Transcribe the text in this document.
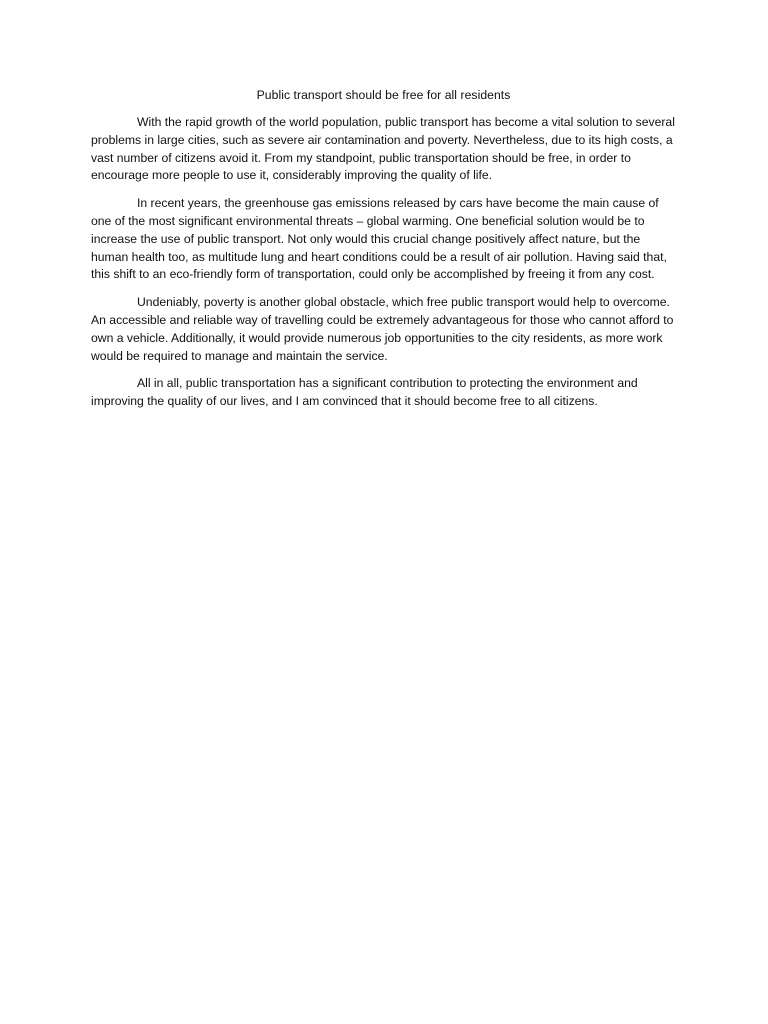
Public transport should be free for all residents

With the rapid growth of the world population, public transport has become a vital solution to several problems in large cities, such as severe air contamination and poverty. Nevertheless, due to its high costs, a vast number of citizens avoid it. From my standpoint, public transportation should be free, in order to encourage more people to use it, considerably improving the quality of life.

In recent years, the greenhouse gas emissions released by cars have become the main cause of one of the most significant environmental threats – global warming. One beneficial solution would be to increase the use of public transport. Not only would this crucial change positively affect nature, but the human health too, as multitude lung and heart conditions could be a result of air pollution. Having said that, this shift to an eco-friendly form of transportation, could only be accomplished by freeing it from any cost.

Undeniably, poverty is another global obstacle, which free public transport would help to overcome. An accessible and reliable way of travelling could be extremely advantageous for those who cannot afford to own a vehicle. Additionally, it would provide numerous job opportunities to the city residents, as more work would be required to manage and maintain the service.

All in all, public transportation has a significant contribution to protecting the environment and improving the quality of our lives, and I am convinced that it should become free to all citizens.
